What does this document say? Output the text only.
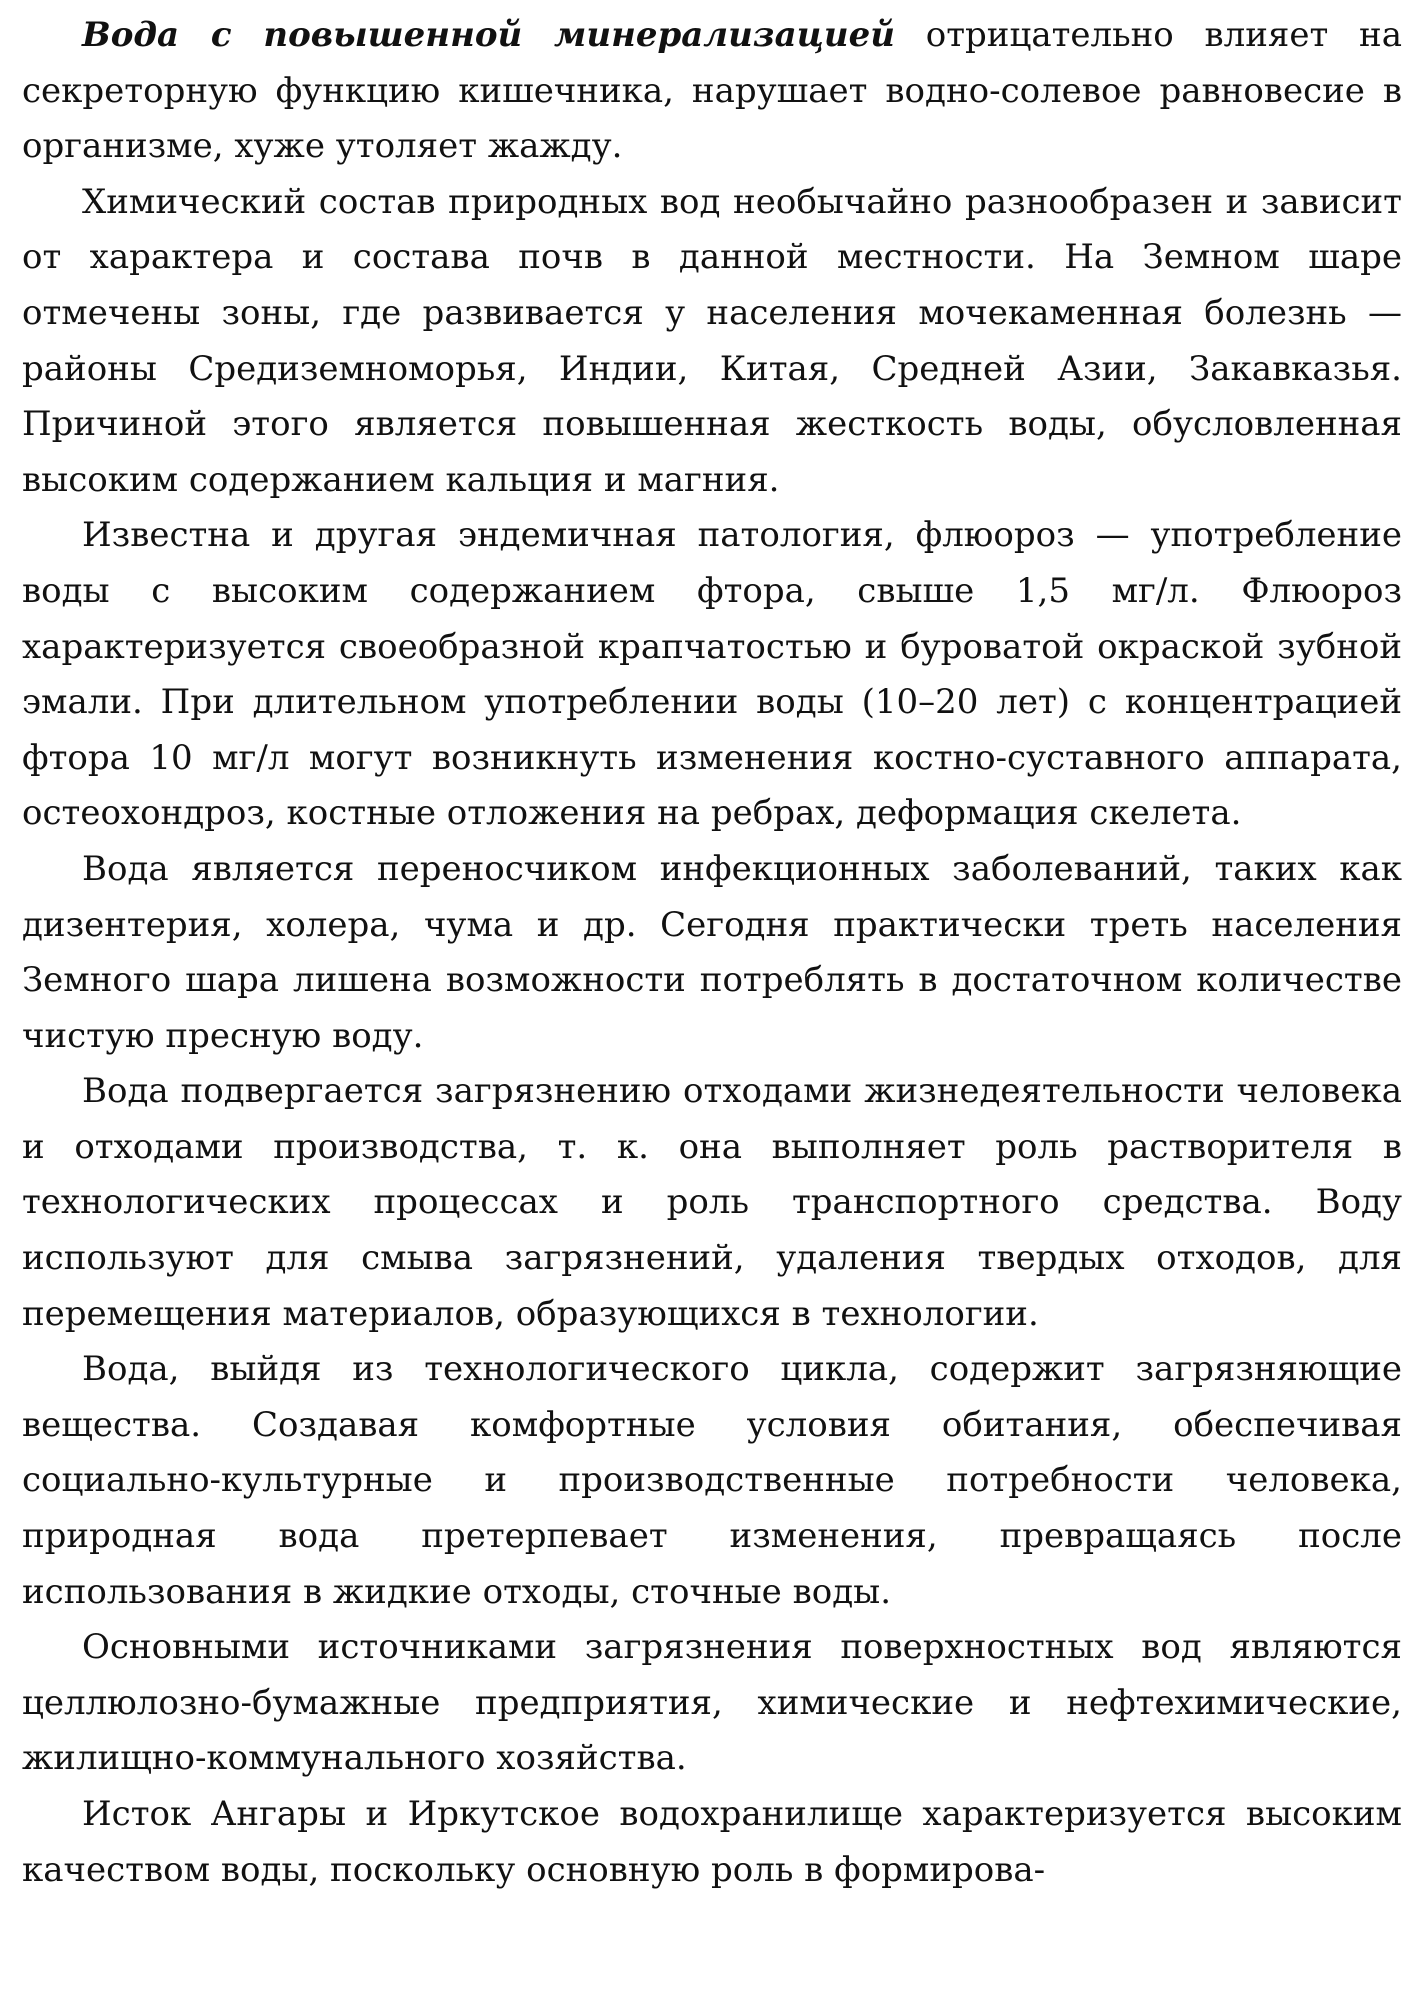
Вода с повышенной минерализацией отрицательно влияет на секреторную функцию кишечника, нарушает водно-солевое равновесие в организме, хуже утоляет жажду.

Химический состав природных вод необычайно разнообразен и зависит от характера и состава почв в данной местности. На Земном шаре отмечены зоны, где развивается у населения мочекаменная болезнь — районы Средиземноморья, Индии, Китая, Средней Азии, Закавказья. Причиной этого является повышенная жесткость воды, обусловленная высоким содержанием кальция и магния.

Известна и другая эндемичная патология, флюороз — употребление воды с высоким содержанием фтора, свыше 1,5 мг/л. Флюороз характеризуется своеобразной крапчатостью и буроватой окраской зубной эмали. При длительном употреблении воды (10–20 лет) с концентрацией фтора 10 мг/л могут возникнуть изменения костно-суставного аппарата, остеохондроз, костные отложения на ребрах, деформация скелета.

Вода является переносчиком инфекционных заболеваний, таких как дизентерия, холера, чума и др. Сегодня практически треть населения Земного шара лишена возможности потреблять в достаточном количестве чистую пресную воду.

Вода подвергается загрязнению отходами жизнедеятельности человека и отходами производства, т. к. она выполняет роль растворителя в технологических процессах и роль транспортного средства. Воду используют для смыва загрязнений, удаления твердых отходов, для перемещения материалов, образующихся в технологии.

Вода, выйдя из технологического цикла, содержит загрязняющие вещества. Создавая комфортные условия обитания, обеспечивая социально-культурные и производственные потребности человека, природная вода претерпевает изменения, превращаясь после использования в жидкие отходы, сточные воды.

Основными источниками загрязнения поверхностных вод являются целлюлозно-бумажные предприятия, химические и нефтехимические, жилищно-коммунального хозяйства.

Исток Ангары и Иркутское водохранилище характеризуется высоким качеством воды, поскольку основную роль в формирова-
